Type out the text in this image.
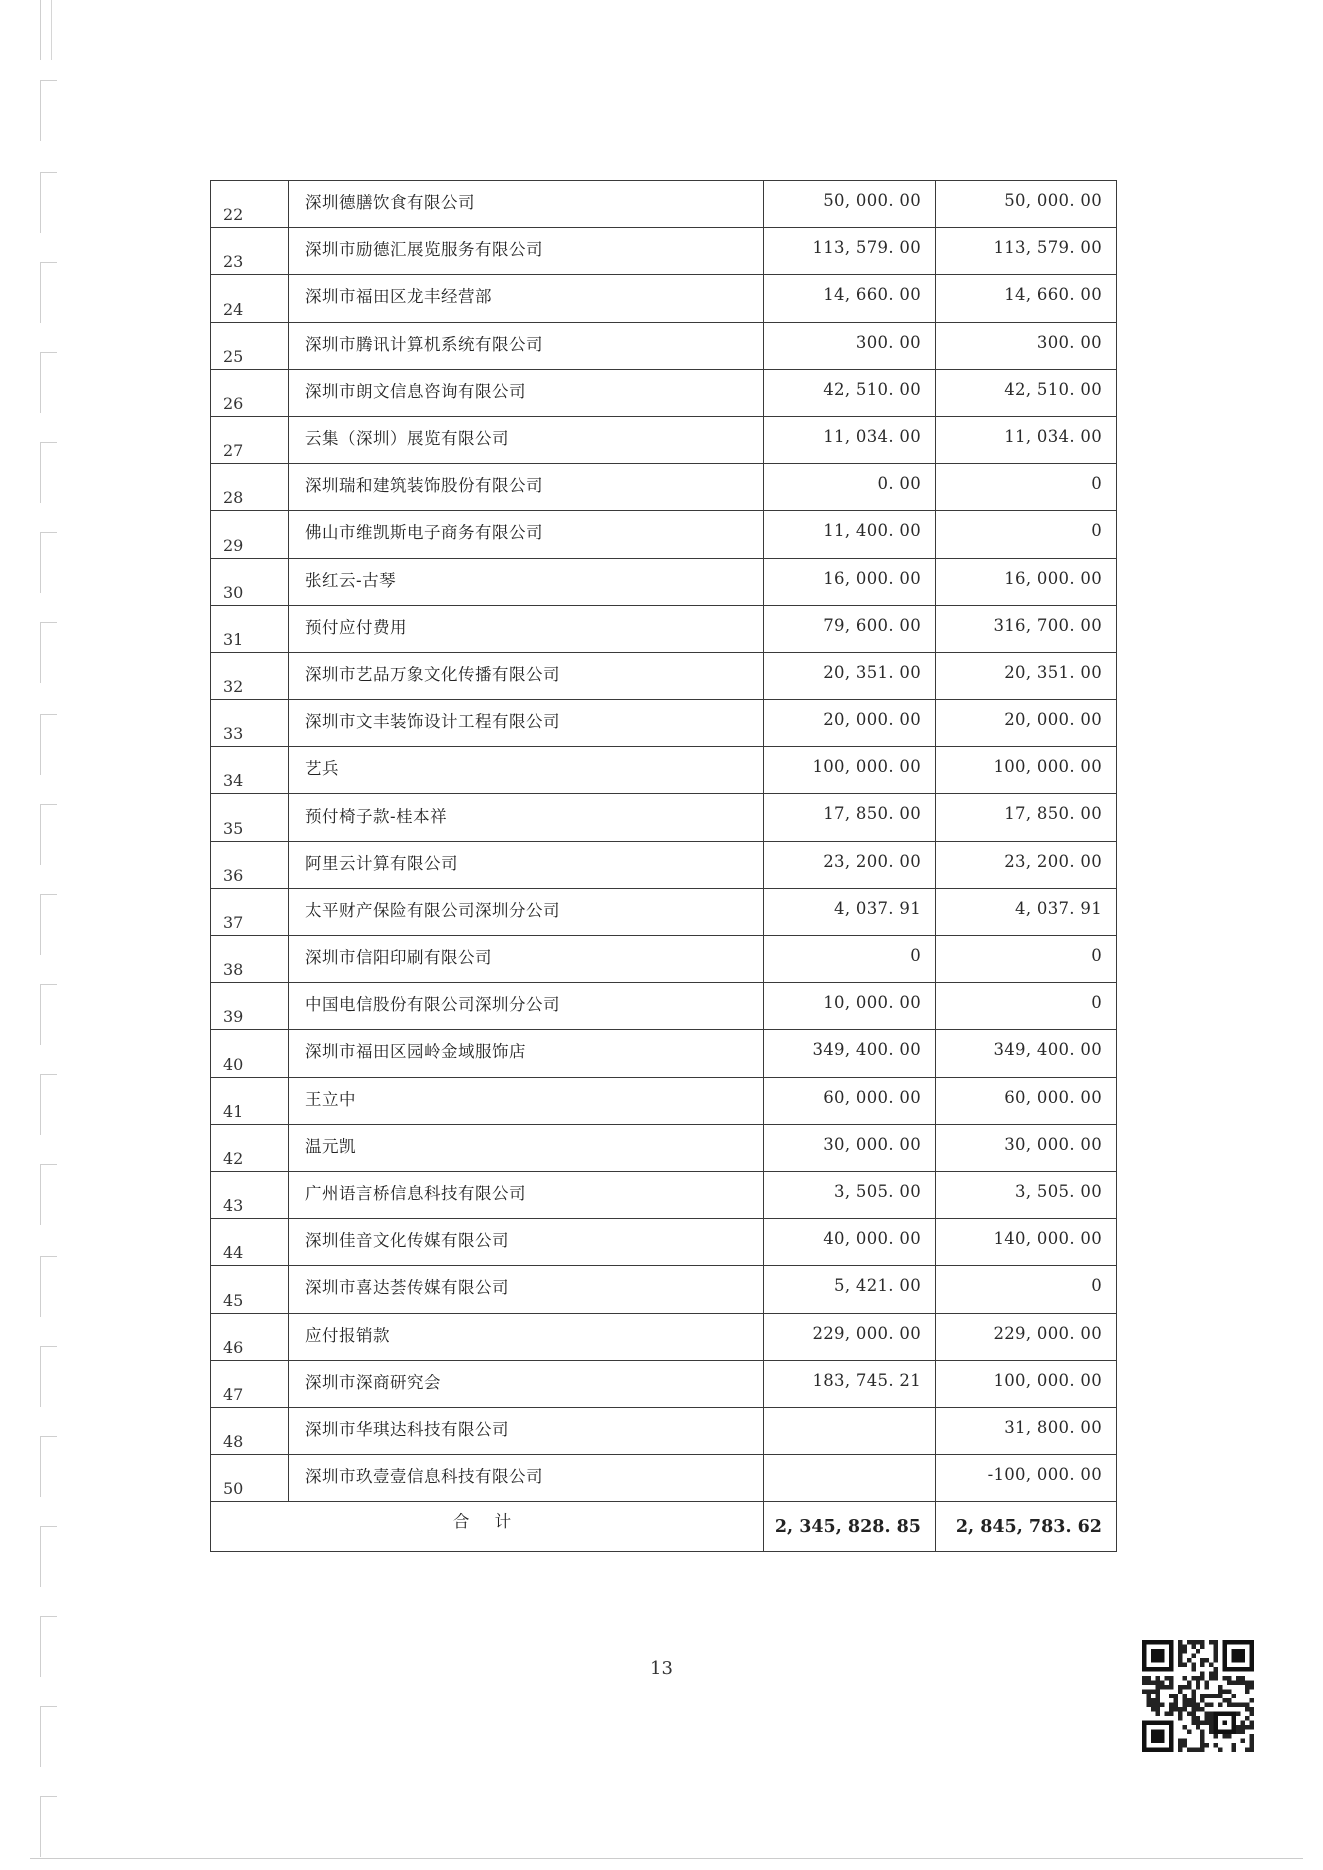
22	深圳德膳饮食有限公司	50, 000. 00	50, 000. 00
23	深圳市励德汇展览服务有限公司	113, 579. 00	113, 579. 00
24	深圳市福田区龙丰经营部	14, 660. 00	14, 660. 00
25	深圳市腾讯计算机系统有限公司	300. 00	300. 00
26	深圳市朗文信息咨询有限公司	42, 510. 00	42, 510. 00
27	云集（深圳）展览有限公司	11, 034. 00	11, 034. 00
28	深圳瑞和建筑装饰股份有限公司	0. 00	0
29	佛山市维凯斯电子商务有限公司	11, 400. 00	0
30	张红云-古琴	16, 000. 00	16, 000. 00
31	预付应付费用	79, 600. 00	316, 700. 00
32	深圳市艺品万象文化传播有限公司	20, 351. 00	20, 351. 00
33	深圳市文丰装饰设计工程有限公司	20, 000. 00	20, 000. 00
34	艺兵	100, 000. 00	100, 000. 00
35	预付椅子款-桂本祥	17, 850. 00	17, 850. 00
36	阿里云计算有限公司	23, 200. 00	23, 200. 00
37	太平财产保险有限公司深圳分公司	4, 037. 91	4, 037. 91
38	深圳市信阳印刷有限公司	0	0
39	中国电信股份有限公司深圳分公司	10, 000. 00	0
40	深圳市福田区园岭金域服饰店	349, 400. 00	349, 400. 00
41	王立中	60, 000. 00	60, 000. 00
42	温元凯	30, 000. 00	30, 000. 00
43	广州语言桥信息科技有限公司	3, 505. 00	3, 505. 00
44	深圳佳音文化传媒有限公司	40, 000. 00	140, 000. 00
45	深圳市喜达荟传媒有限公司	5, 421. 00	0
46	应付报销款	229, 000. 00	229, 000. 00
47	深圳市深商研究会	183, 745. 21	100, 000. 00
48	深圳市华琪达科技有限公司		31, 800. 00
50	深圳市玖壹壹信息科技有限公司		-100, 000. 00
合 计		2, 345, 828. 85	2, 845, 783. 62
13
